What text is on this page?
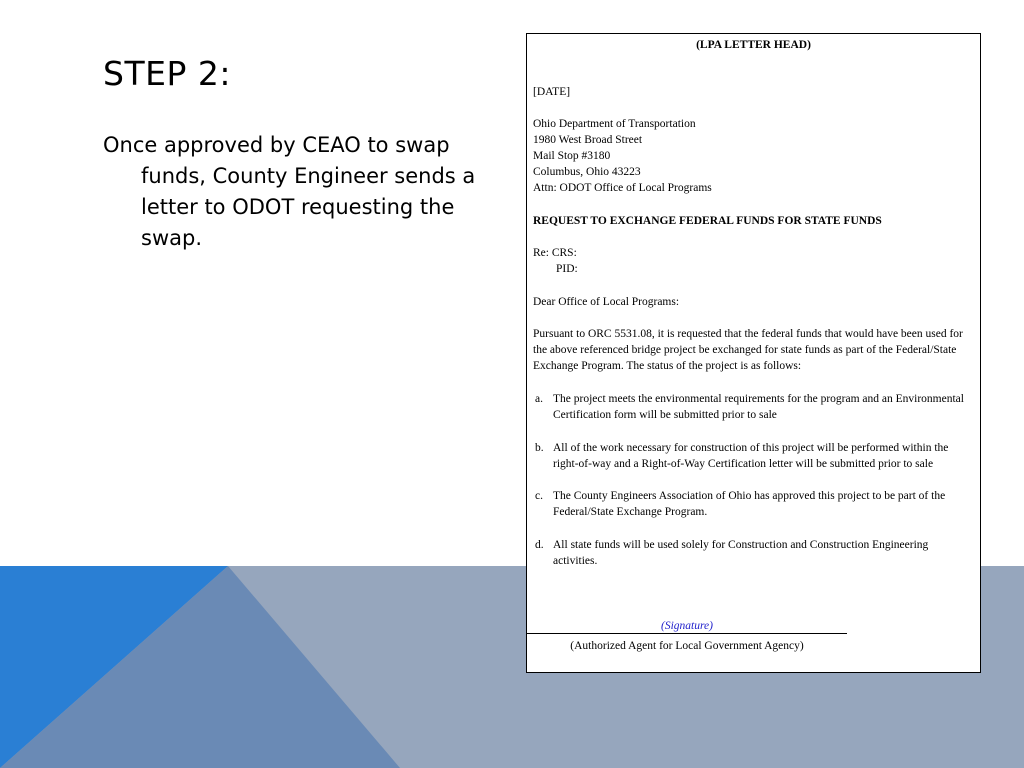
STEP 2:
Once approved by CEAO to swap funds, County Engineer sends a letter to ODOT requesting the swap.
(LPA LETTER HEAD)
[DATE]
Ohio Department of Transportation
1980 West Broad Street
Mail Stop #3180
Columbus, Ohio 43223
Attn: ODOT Office of Local Programs
REQUEST TO EXCHANGE FEDERAL FUNDS FOR STATE FUNDS
Re: CRS:
PID:
Dear Office of Local Programs:
Pursuant to ORC 5531.08, it is requested that the federal funds that would have been used for the above referenced bridge project be exchanged for state funds as part of the Federal/State Exchange Program. The status of the project is as follows:
a. The project meets the environmental requirements for the program and an Environmental Certification form will be submitted prior to sale
b. All of the work necessary for construction of this project will be performed within the right-of-way and a Right-of-Way Certification letter will be submitted prior to sale
c. The County Engineers Association of Ohio has approved this project to be part of the Federal/State Exchange Program.
d. All state funds will be used solely for Construction and Construction Engineering activities.
(Signature)
(Authorized Agent for Local Government Agency)
